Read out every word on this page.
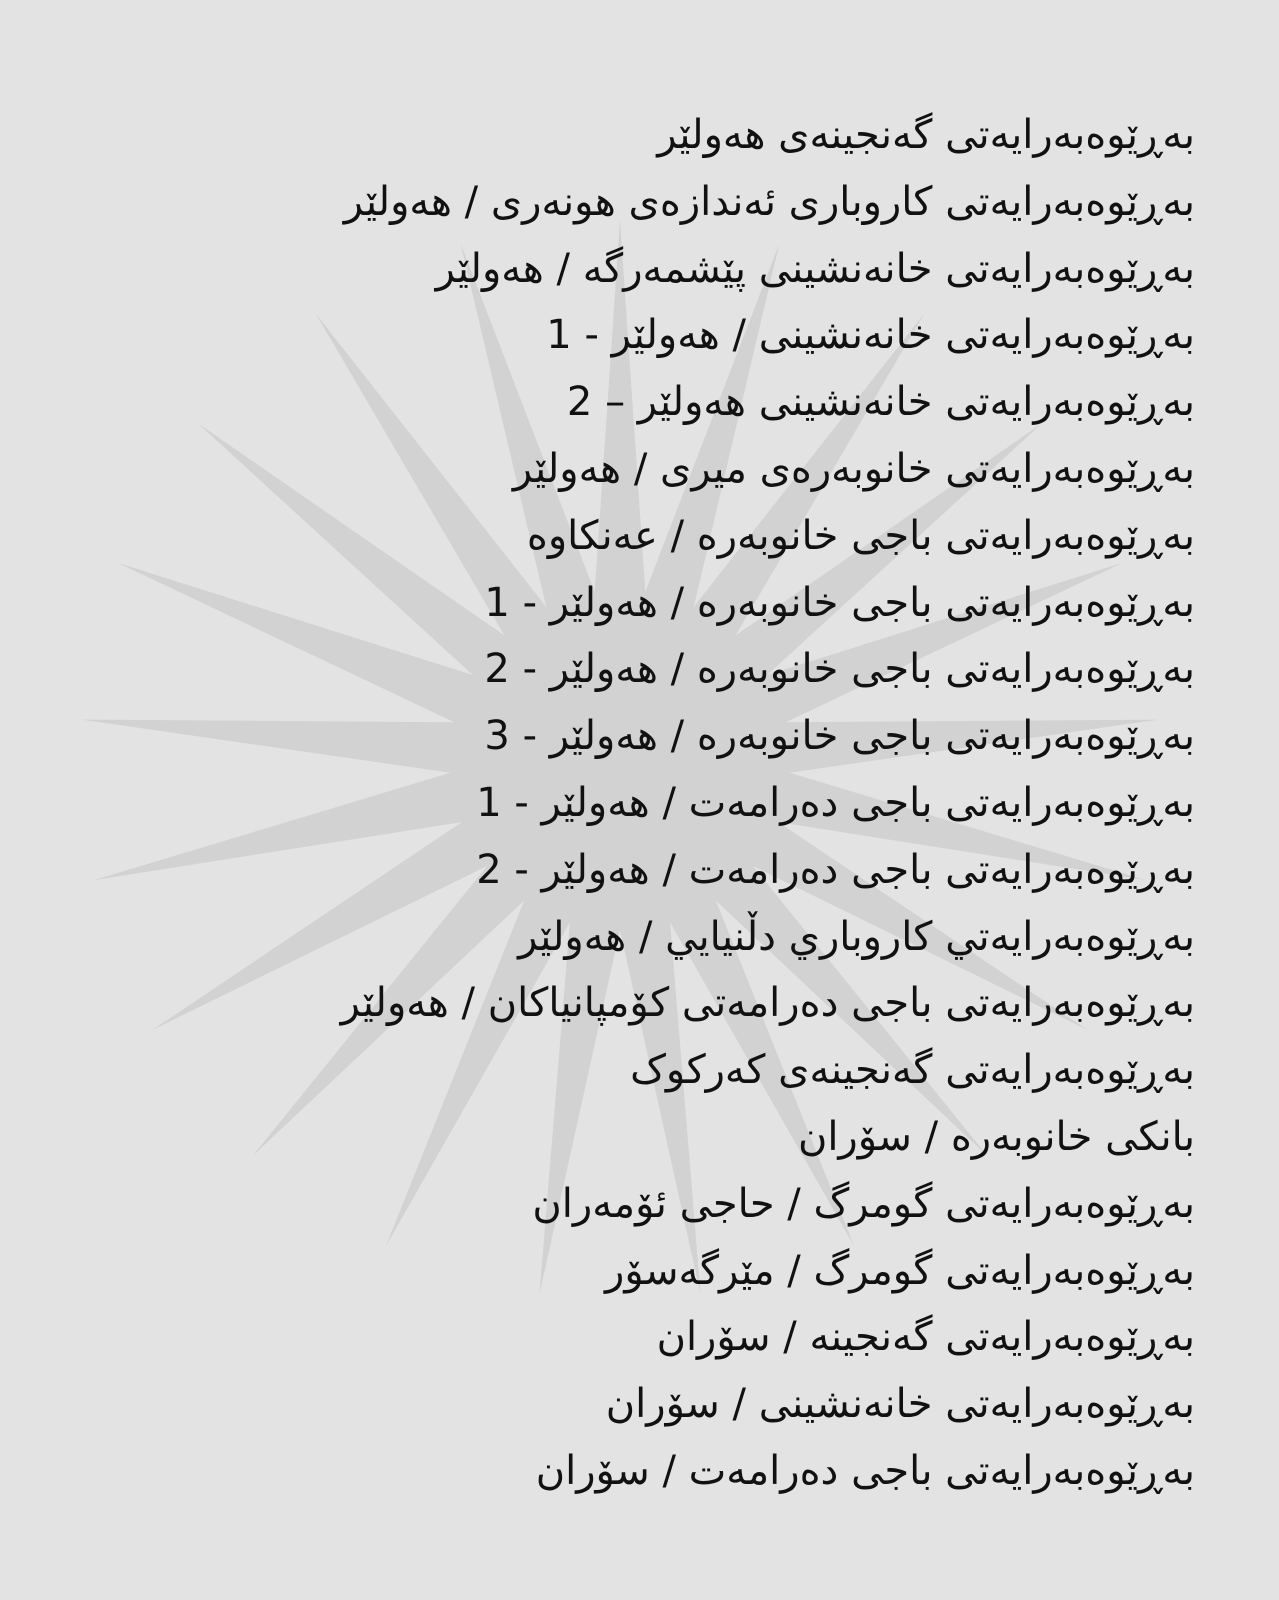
بەڕێوەبەرایەتی گەنجینەی هەولێر
بەڕێوەبەرایەتی کاروباری ئەندازەی هونەری / هەولێر
بەڕێوەبەرایەتی خانەنشینی پێشمەرگە / هەولێر
بەڕێوەبەرایەتی خانەنشینی / هەولێر - 1
بەڕێوەبەرایەتی خانەنشینی هەولێر – 2
بەڕێوەبەرایەتی خانوبەرەی میری / هەولێر
بەڕێوەبەرایەتی باجی خانوبەرە / عەنکاوە
بەڕێوەبەرایەتی باجی خانوبەرە / هەولێر - 1
بەڕێوەبەرایەتی باجی خانوبەرە / هەولێر - 2
بەڕێوەبەرایەتی باجی خانوبەرە / هەولێر - 3
بەڕێوەبەرایەتی باجی دەرامەت / هەولێر - 1
بەڕێوەبەرایەتی باجی دەرامەت / هەولێر - 2
بەڕێوەبەرایەتي کاروباري دڵنیایي / هەولێر
بەڕێوەبەرایەتی باجی دەرامەتی کۆمپانیاکان / هەولێر
بەڕێوەبەرایەتی گەنجینەی کەرکوک
بانکی خانوبەرە / سۆران
بەڕێوەبەرایەتی گومرگ / حاجی ئۆمەران
بەڕێوەبەرایەتی گومرگ / مێرگەسۆر
بەڕێوەبەرایەتی گەنجینە / سۆران
بەڕێوەبەرایەتی خانەنشینی / سۆران
بەڕێوەبەرایەتی باجی دەرامەت / سۆران
